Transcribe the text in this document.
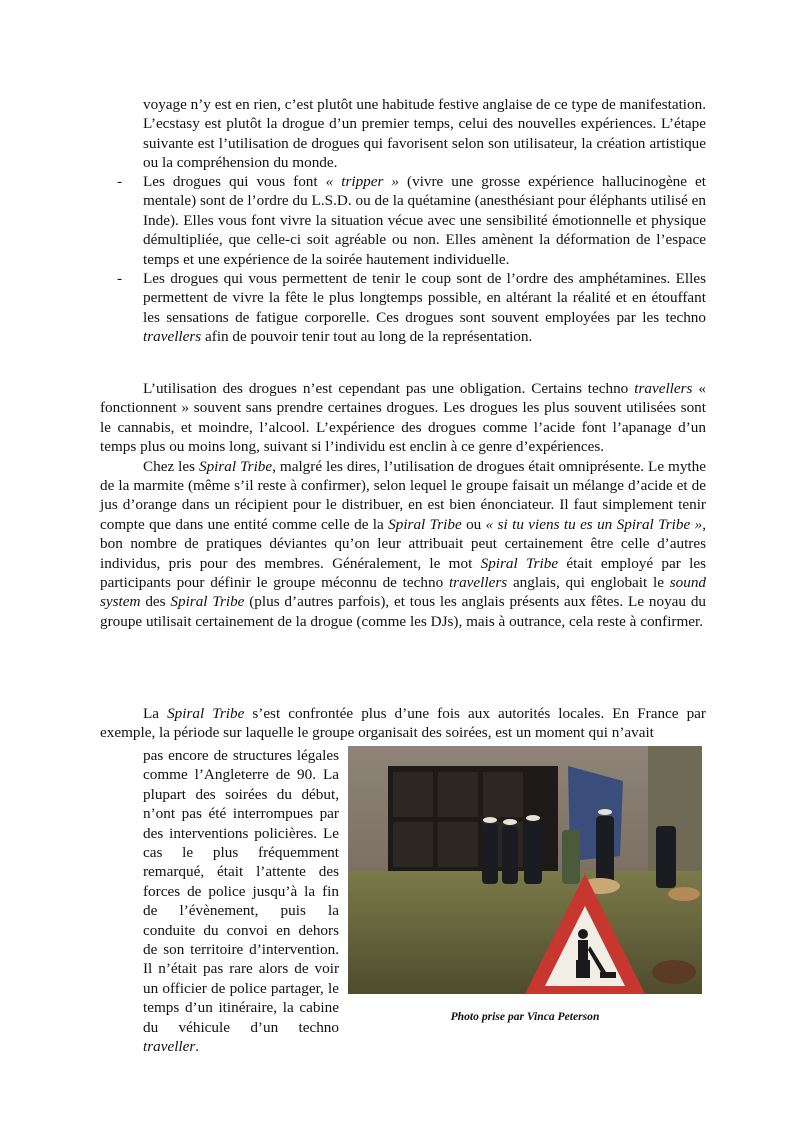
voyage n’y est en rien, c’est plutôt une habitude festive anglaise de ce type de manifestation. L’ecstasy est plutôt la drogue d’un premier temps, celui des nouvelles expériences. L’étape suivante est l’utilisation de drogues qui favorisent selon son utilisateur, la création artistique ou la compréhension du monde.

- Les drogues qui vous font « tripper » (vivre une grosse expérience hallucinogène et mentale) sont de l’ordre du L.S.D. ou de la quétamine (anesthésiant pour éléphants utilisé en Inde). Elles vous font vivre la situation vécue avec une sensibilité émotionnelle et physique démultipliée, que celle-ci soit agréable ou non. Elles amènent la déformation de l’espace temps et une expérience de la soirée hautement individuelle.
- Les drogues qui vous permettent de tenir le coup sont de l’ordre des amphétamines. Elles permettent de vivre la fête le plus longtemps possible, en altérant la réalité et en étouffant les sensations de fatigue corporelle. Ces drogues sont souvent employées par les techno travellers afin de pouvoir tenir tout au long de la représentation.

L’utilisation des drogues n’est cependant pas une obligation. Certains techno travellers « fonctionnent » souvent sans prendre certaines drogues. Les drogues les plus souvent utilisées sont le cannabis, et moindre, l’alcool. L’expérience des drogues comme l’acide font l’apanage d’un temps plus ou moins long, suivant si l’individu est enclin à ce genre d’expériences.

Chez les Spiral Tribe, malgré les dires, l’utilisation de drogues était omniprésente. Le mythe de la marmite (même s’il reste à confirmer), selon lequel le groupe faisait un mélange d’acide et de jus d’orange dans un récipient pour le distribuer, en est bien énonciateur. Il faut simplement tenir compte que dans une entité comme celle de la Spiral Tribe ou « si tu viens tu es un Spiral Tribe », bon nombre de pratiques déviantes qu’on leur attribuait peut certainement être celle d’autres individus, pris pour des membres. Généralement, le mot Spiral Tribe était employé par les participants pour définir le groupe méconnu de techno travellers anglais, qui englobait le sound system des Spiral Tribe (plus d’autres parfois), et tous les anglais présents aux fêtes. Le noyau du groupe utilisait certainement de la drogue (comme les DJs), mais à outrance, cela reste à confirmer.

La Spiral Tribe s’est confrontée plus d’une fois aux autorités locales. En France par exemple, la période sur laquelle le groupe organisait des soirées, est un moment qui n’avait

pas encore de structures légales comme l’Angleterre de 90. La plupart des soirées du début, n’ont pas été interrompues par des interventions policières. Le cas le plus fréquemment remarqué, était l’attente des forces de police jusqu’à la fin de l’évènement, puis la conduite du convoi en dehors de son territoire d’intervention. Il n’était pas rare alors de voir un officier de police partager, le temps d’un itinéraire, la cabine du véhicule d’un techno traveller.

Photo prise par Vinca Peterson
